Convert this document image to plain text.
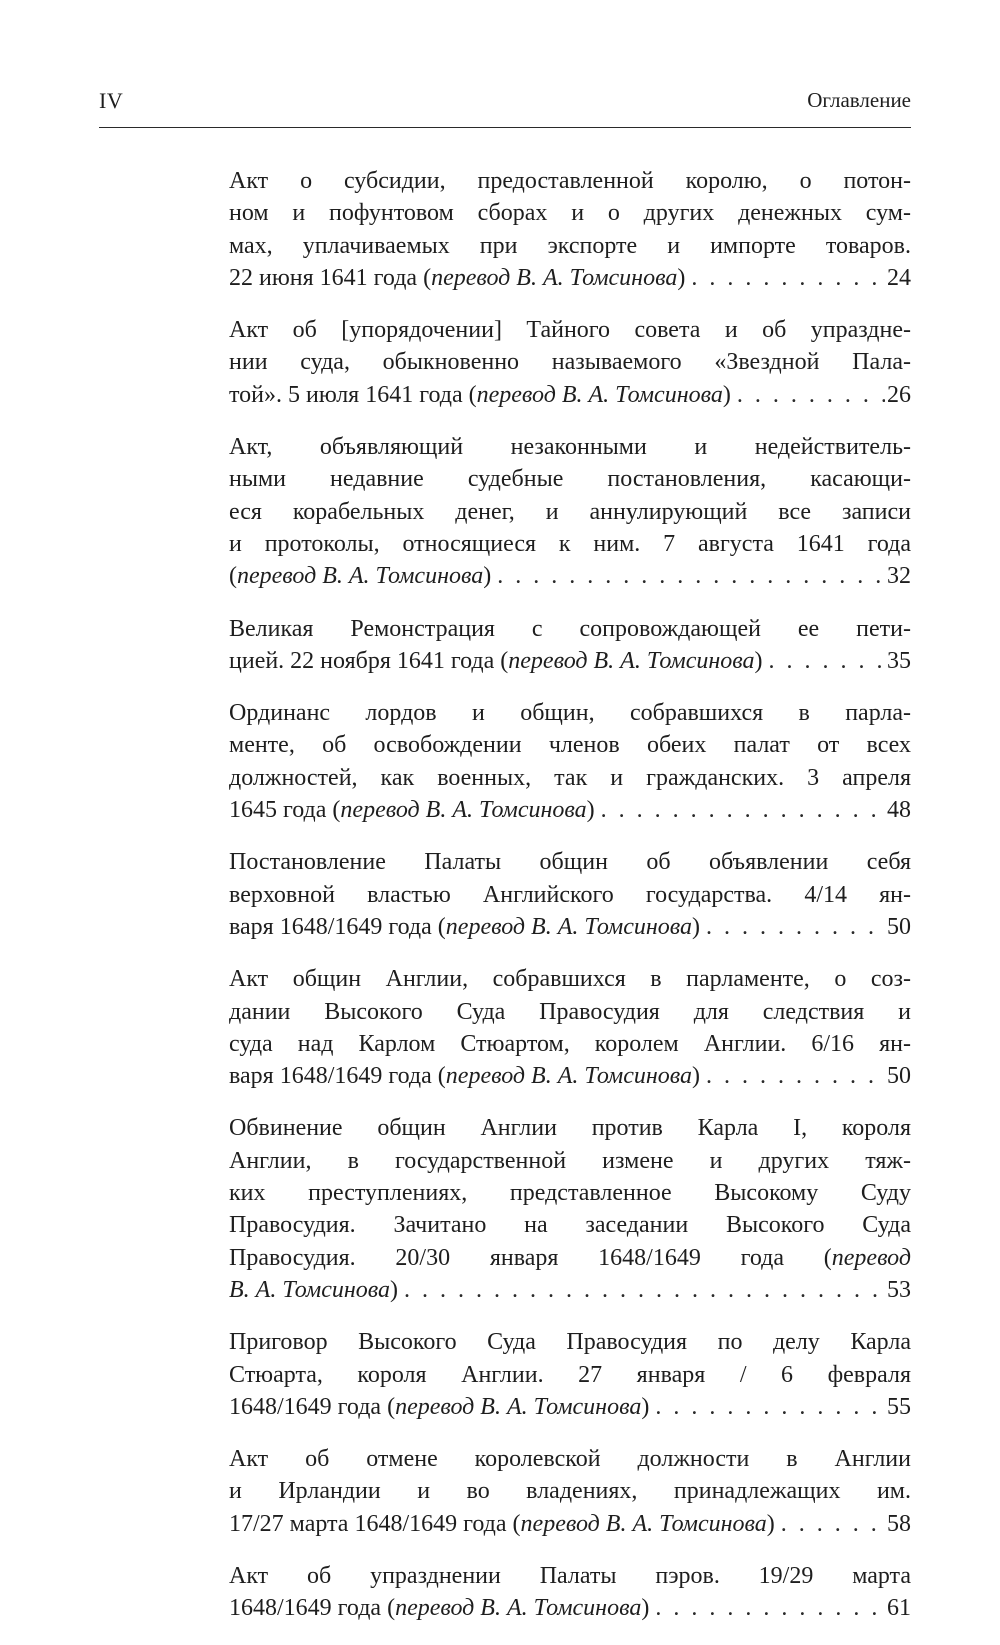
IV	Оглавление
Акт о субсидии, предоставленной королю, о потон-
ном и пофунтовом сборах и о других денежных сум-
мах, уплачиваемых при экспорте и импорте товаров.
22 июня 1641 года (перевод В. А. Томсинова) . . .	24
Акт об [упорядочении] Тайного совета и об упраздне-
нии суда, обыкновенно называемого «Звездной Пала-
той». 5 июля 1641 года (перевод В. А. Томсинова) . . .	26
Акт, объявляющий незаконными и недействитель-
ными недавние судебные постановления, касающи-
еся корабельных денег, и аннулирующий все записи
и протоколы, относящиеся к ним. 7 августа 1641 года
(перевод В. А. Томсинова) . . .	32
Великая Ремонстрация с сопровождающей ее пети-
цией. 22 ноября 1641 года (перевод В. А. Томсинова) . . .	35
Ординанс лордов и общин, собравшихся в парла-
менте, об освобождении членов обеих палат от всех
должностей, как военных, так и гражданских. 3 апреля
1645 года (перевод В. А. Томсинова) . . .	48
Постановление Палаты общин об объявлении себя
верховной властью Английского государства. 4/14 ян-
варя 1648/1649 года (перевод В. А. Томсинова) . . .	50
Акт общин Англии, собравшихся в парламенте, о соз-
дании Высокого Суда Правосудия для следствия и
суда над Карлом Стюартом, королем Англии. 6/16 ян-
варя 1648/1649 года (перевод В. А. Томсинова) . . .	50
Обвинение общин Англии против Карла I, короля
Англии, в государственной измене и других тяж-
ких преступлениях, представленное Высокому Суду
Правосудия. Зачитано на заседании Высокого Суда
Правосудия. 20/30 января 1648/1649 года (перевод
В. А. Томсинова) . . .	53
Приговор Высокого Суда Правосудия по делу Карла
Стюарта, короля Англии. 27 января / 6 февраля
1648/1649 года (перевод В. А. Томсинова) . . .	55
Акт об отмене королевской должности в Англии
и Ирландии и во владениях, принадлежащих им.
17/27 марта 1648/1649 года (перевод В. А. Томсинова) . . .	58
Акт об упразднении Палаты пэров. 19/29 марта
1648/1649 года (перевод В. А. Томсинова) . . .	61
